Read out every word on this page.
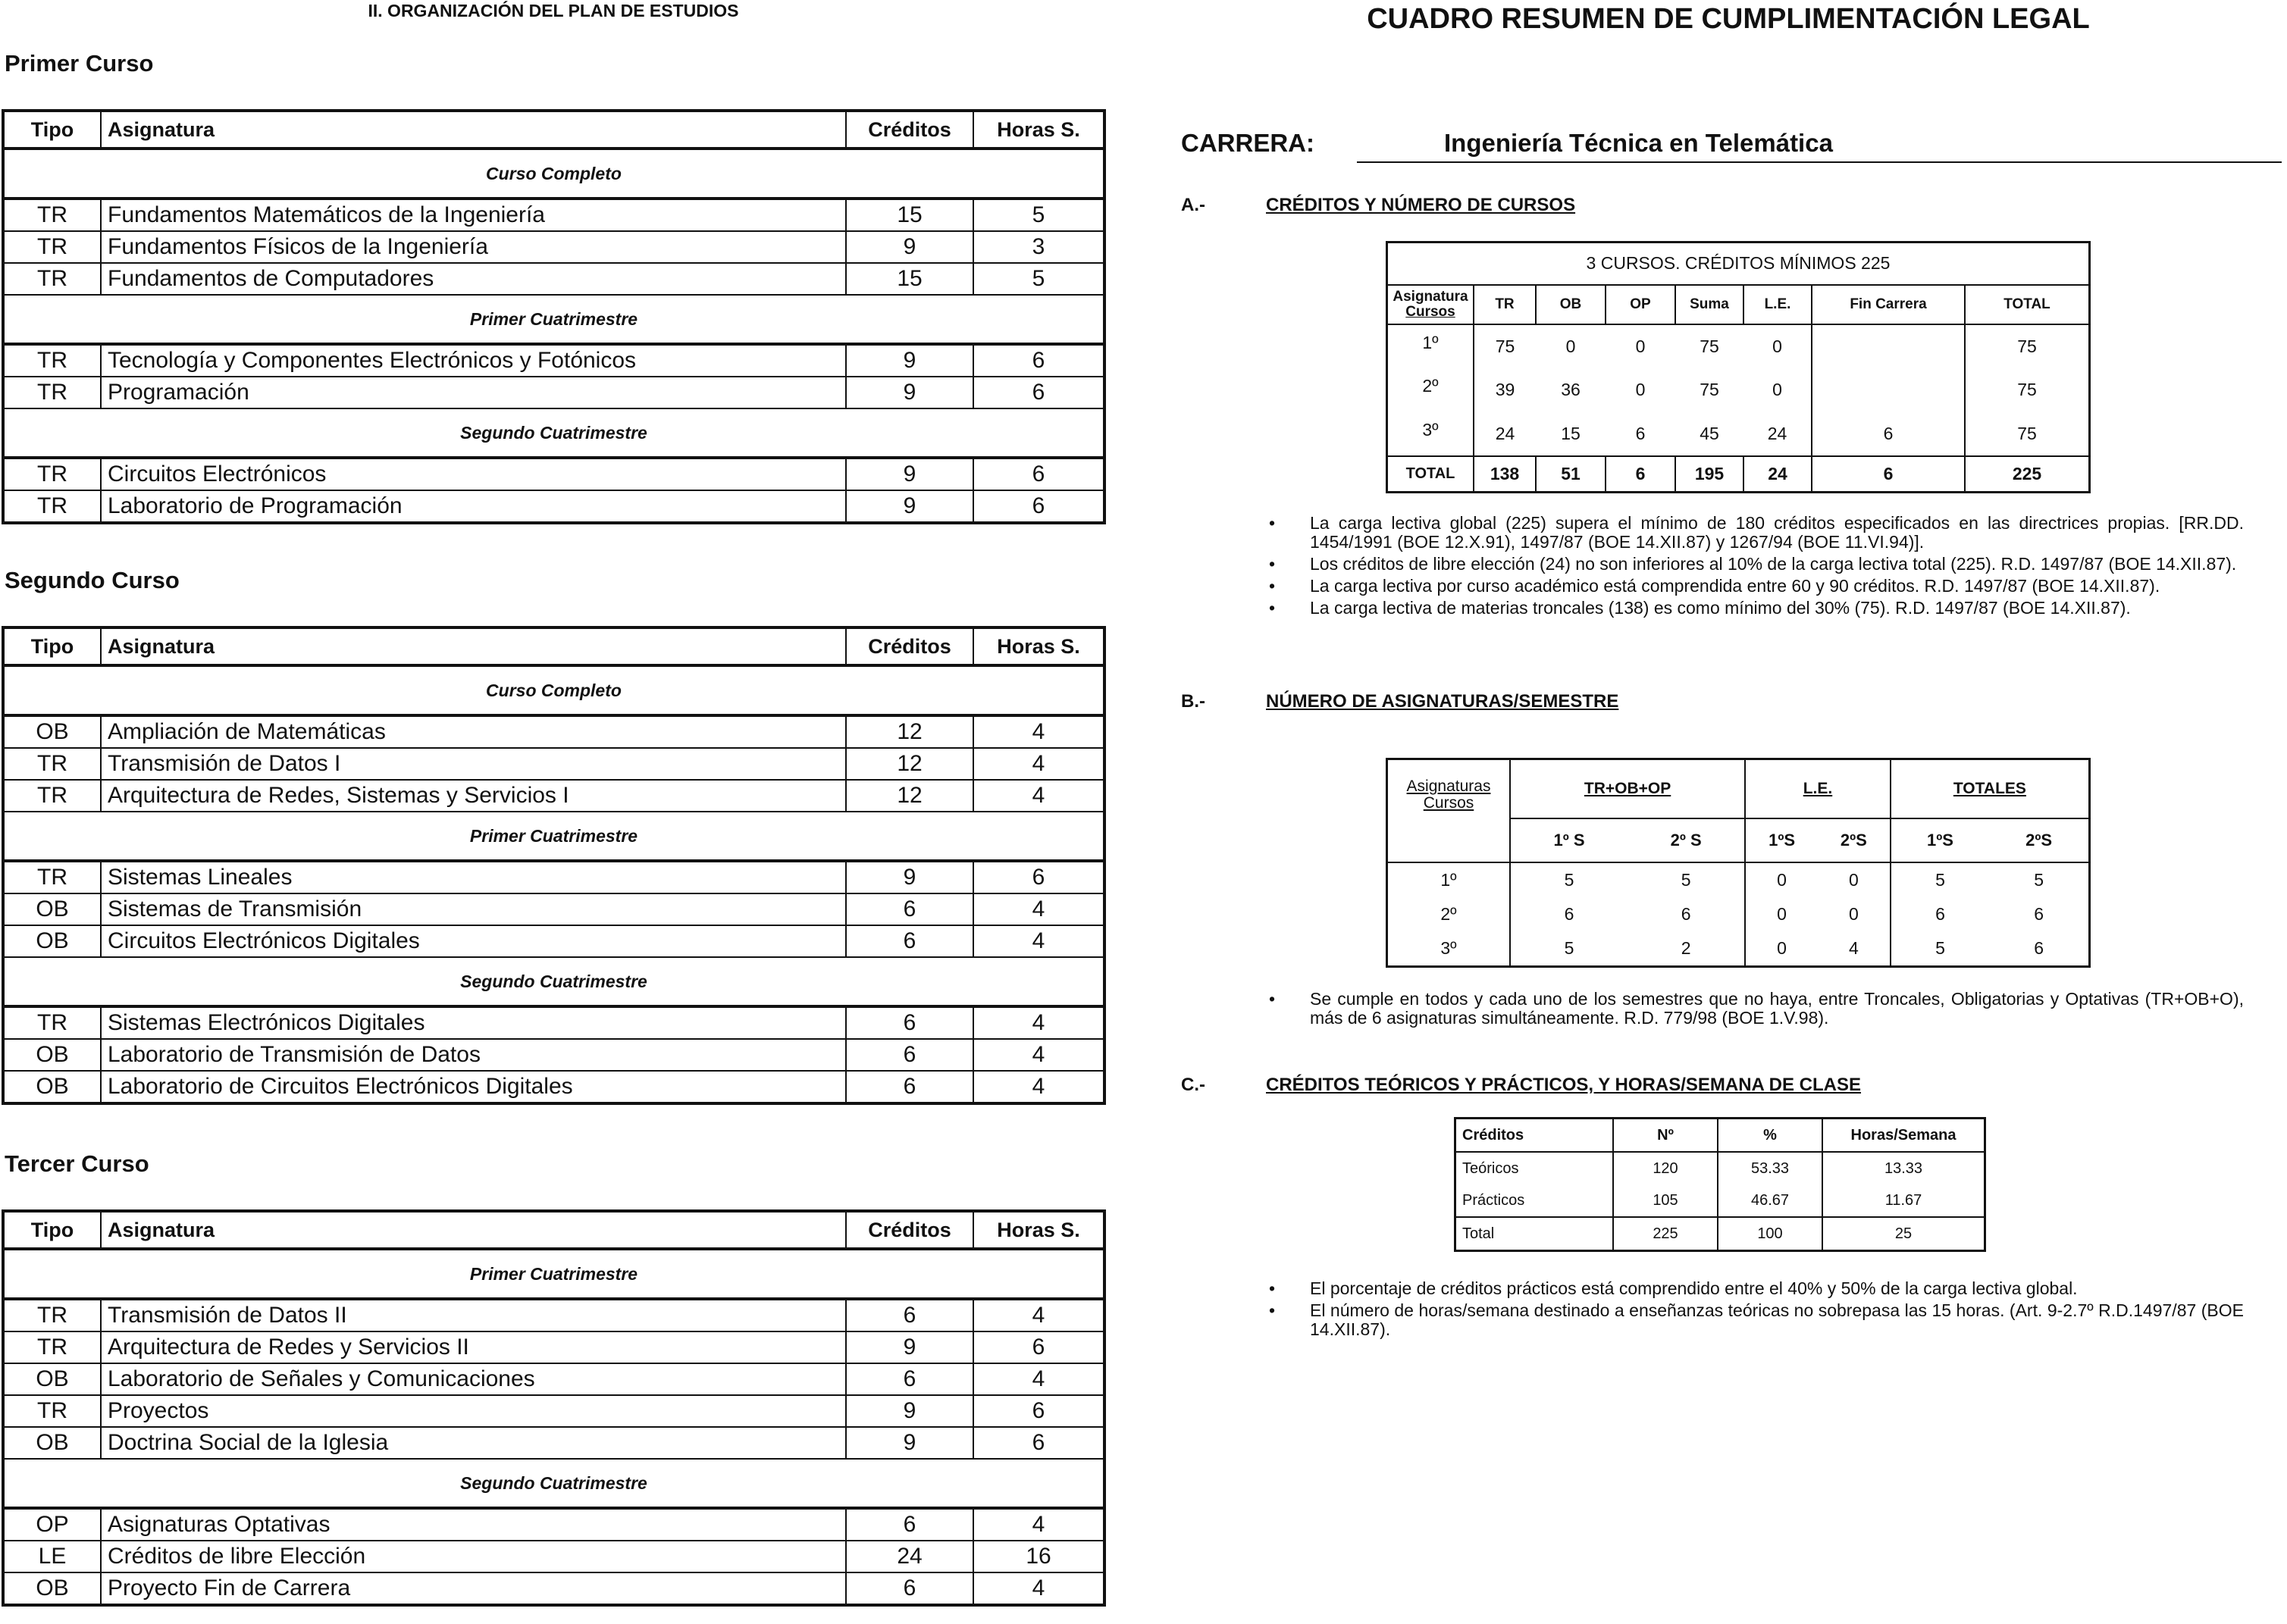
II. ORGANIZACIÓN DEL PLAN DE ESTUDIOS
Primer Curso
Tipo	Asignatura	Créditos	Horas S.
Curso Completo			
TR	Fundamentos Matemáticos de la Ingeniería	15	5
TR	Fundamentos Físicos de la Ingeniería	9	3
TR	Fundamentos de Computadores	15	5
Primer Cuatrimestre			
TR	Tecnología y Componentes Electrónicos y Fotónicos	9	6
TR	Programación	9	6
Segundo Cuatrimestre			
TR	Circuitos Electrónicos	9	6
TR	Laboratorio de Programación	9	6
Segundo Curso
Tipo	Asignatura	Créditos	Horas S.
Curso Completo			
OB	Ampliación de Matemáticas	12	4
TR	Transmisión de Datos I	12	4
TR	Arquitectura de Redes, Sistemas y Servicios I	12	4
Primer Cuatrimestre			
TR	Sistemas Lineales	9	6
OB	Sistemas de Transmisión	6	4
OB	Circuitos Electrónicos Digitales	6	4
Segundo Cuatrimestre			
TR	Sistemas Electrónicos Digitales	6	4
OB	Laboratorio de Transmisión de Datos	6	4
OB	Laboratorio de Circuitos Electrónicos Digitales	6	4
Tercer Curso
Tipo	Asignatura	Créditos	Horas S.
Primer Cuatrimestre			
TR	Transmisión de Datos II	6	4
TR	Arquitectura de Redes y Servicios II	9	6
OB	Laboratorio de Señales y Comunicaciones	6	4
TR	Proyectos	9	6
OB	Doctrina Social de la Iglesia	9	6
Segundo Cuatrimestre			
OP	Asignaturas Optativas	6	4
LE	Créditos de libre Elección	24	16
OB	Proyecto Fin de Carrera	6	4
CUADRO RESUMEN DE CUMPLIMENTACIÓN LEGAL
CARRERA:	Ingeniería Técnica en Telemática
A.-	CRÉDITOS Y NÚMERO DE CURSOS
3 CURSOS. CRÉDITOS MÍNIMOS 225							
Asignatura
Cursos	TR	OB	OP	Suma	L.E.	Fin Carrera	TOTAL
1º	75	0	0	75	0		75
2º	39	36	0	75	0		75
3º	24	15	6	45	24	6	75
TOTAL	138	51	6	195	24	6	225
• La carga lectiva global (225) supera el mínimo de 180 créditos especificados en las directrices propias. [RR.DD. 1454/1991 (BOE 12.X.91), 1497/87 (BOE 14.XII.87) y 1267/94 (BOE 11.VI.94)].
• Los créditos de libre elección (24) no son inferiores al 10% de la carga lectiva total (225). R.D. 1497/87 (BOE 14.XII.87).
• La carga lectiva por curso académico está comprendida entre 60 y 90 créditos. R.D. 1497/87 (BOE 14.XII.87).
• La carga lectiva de materias troncales (138) es como mínimo del 30% (75). R.D. 1497/87 (BOE 14.XII.87).
B.-	NÚMERO DE ASIGNATURAS/SEMESTRE
Asignaturas
Cursos	TR+OB+OP		L.E.		TOTALES	
	1º S	2º S	1ºS	2ºS	1ºS	2ºS
1º	5	5	0	0	5	5
2º	6	6	0	0	6	6
3º	5	2	0	4	5	6
• Se cumple en todos y cada uno de los semestres que no haya, entre Troncales, Obligatorias y Optativas (TR+OB+O), más de 6 asignaturas simultáneamente. R.D. 779/98 (BOE 1.V.98).
C.-	CRÉDITOS TEÓRICOS Y PRÁCTICOS, Y HORAS/SEMANA DE CLASE
Créditos	Nº	%	Horas/Semana
Teóricos	120	53.33	13.33
Prácticos	105	46.67	11.67
Total	225	100	25
• El porcentaje de créditos prácticos está comprendido entre el 40% y 50% de la carga lectiva global.
• El número de horas/semana destinado a enseñanzas teóricas no sobrepasa las 15 horas. (Art. 9-2.7º R.D.1497/87 (BOE 14.XII.87).
